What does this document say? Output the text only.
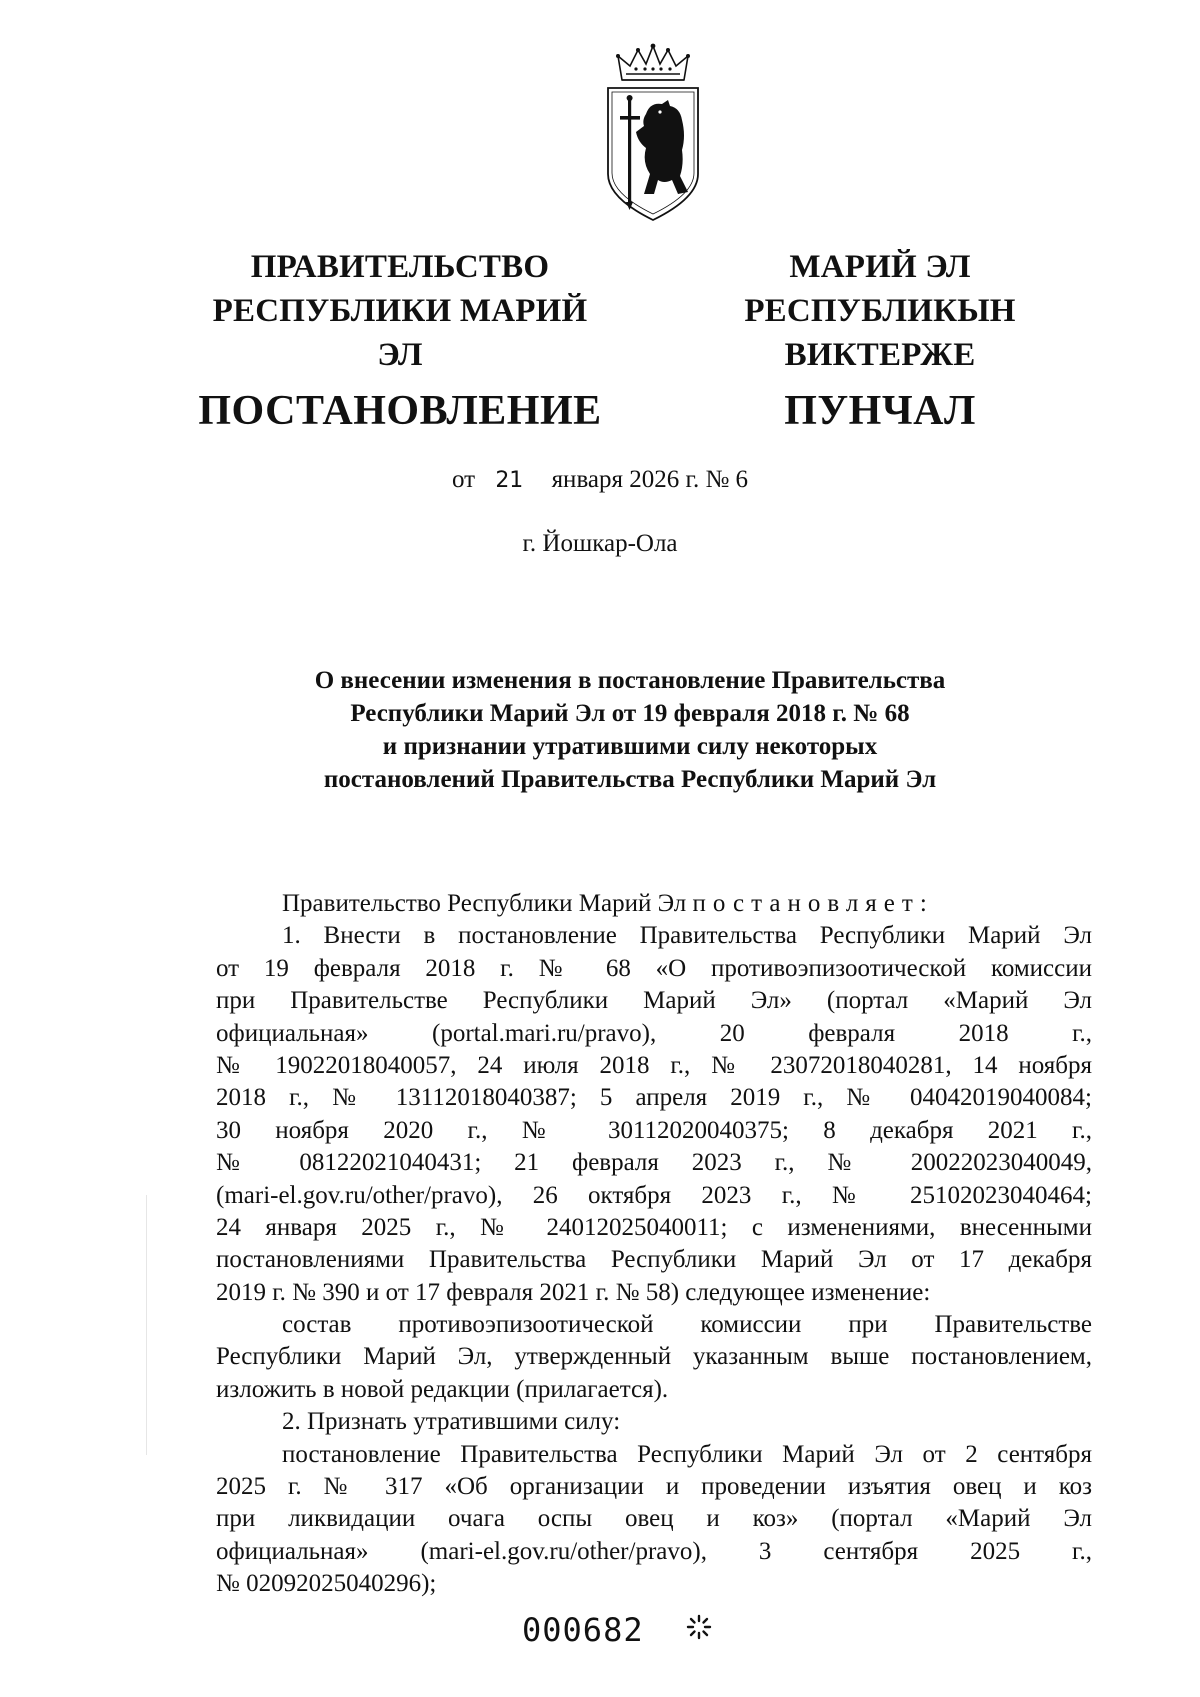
ПРАВИТЕЛЬСТВО
РЕСПУБЛИКИ МАРИЙ ЭЛ
ПОСТАНОВЛЕНИЕ
МАРИЙ ЭЛ РЕСПУБЛИКЫН
ВИКТЕРЖЕ
ПУНЧАЛ
от 21 января 2026 г. № 6
г. Йошкар-Ола
О внесении изменения в постановление Правительства
Республики Марий Эл от 19 февраля 2018 г. № 68
и признании утратившими силу некоторых
постановлений Правительства Республики Марий Эл
Правительство Республики Марий Эл постановляет:
1. Внести в постановление Правительства Республики Марий Эл
от 19 февраля 2018 г. № 68 «О противоэпизоотической комиссии
при Правительстве Республики Марий Эл» (портал «Марий Эл
официальная» (portal.mari.ru/pravo), 20 февраля 2018 г.,
№ 19022018040057, 24 июля 2018 г., № 23072018040281, 14 ноября
2018 г., № 13112018040387; 5 апреля 2019 г., № 04042019040084;
30 ноября 2020 г., № 30112020040375; 8 декабря 2021 г.,
№ 08122021040431; 21 февраля 2023 г., № 20022023040049,
(mari-el.gov.ru/other/pravo), 26 октября 2023 г., № 25102023040464;
24 января 2025 г., № 24012025040011; с изменениями, внесенными
постановлениями Правительства Республики Марий Эл от 17 декабря
2019 г. № 390 и от 17 февраля 2021 г. № 58) следующее изменение:
состав противоэпизоотической комиссии при Правительстве
Республики Марий Эл, утвержденный указанным выше постановлением,
изложить в новой редакции (прилагается).
2. Признать утратившими силу:
постановление Правительства Республики Марий Эл от 2 сентября
2025 г. № 317 «Об организации и проведении изъятия овец и коз
при ликвидации очага оспы овец и коз» (портал «Марий Эл
официальная» (mari-el.gov.ru/other/pravo), 3 сентября 2025 г.,
№ 02092025040296);
000682
